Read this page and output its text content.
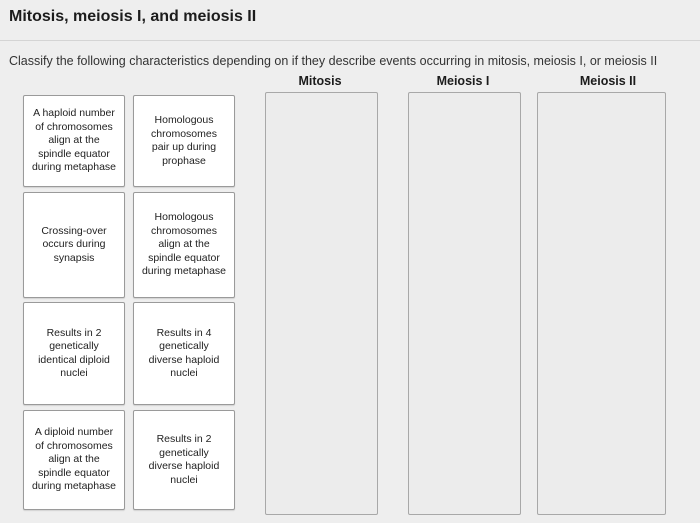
Mitosis, meiosis I, and meiosis II
Classify the following characteristics depending on if they describe events occurring in mitosis, meiosis I, or meiosis II
Mitosis	Meiosis I	Meiosis II
A haploid number
of chromosomes
align at the
spindle equator
during metaphase
Homologous
chromosomes
pair up during
prophase
Crossing-over
occurs during
synapsis
Homologous
chromosomes
align at the
spindle equator
during metaphase
Results in 2
genetically
identical diploid
nuclei
Results in 4
genetically
diverse haploid
nuclei
A diploid number
of chromosomes
align at the
spindle equator
during metaphase
Results in 2
genetically
diverse haploid
nuclei
